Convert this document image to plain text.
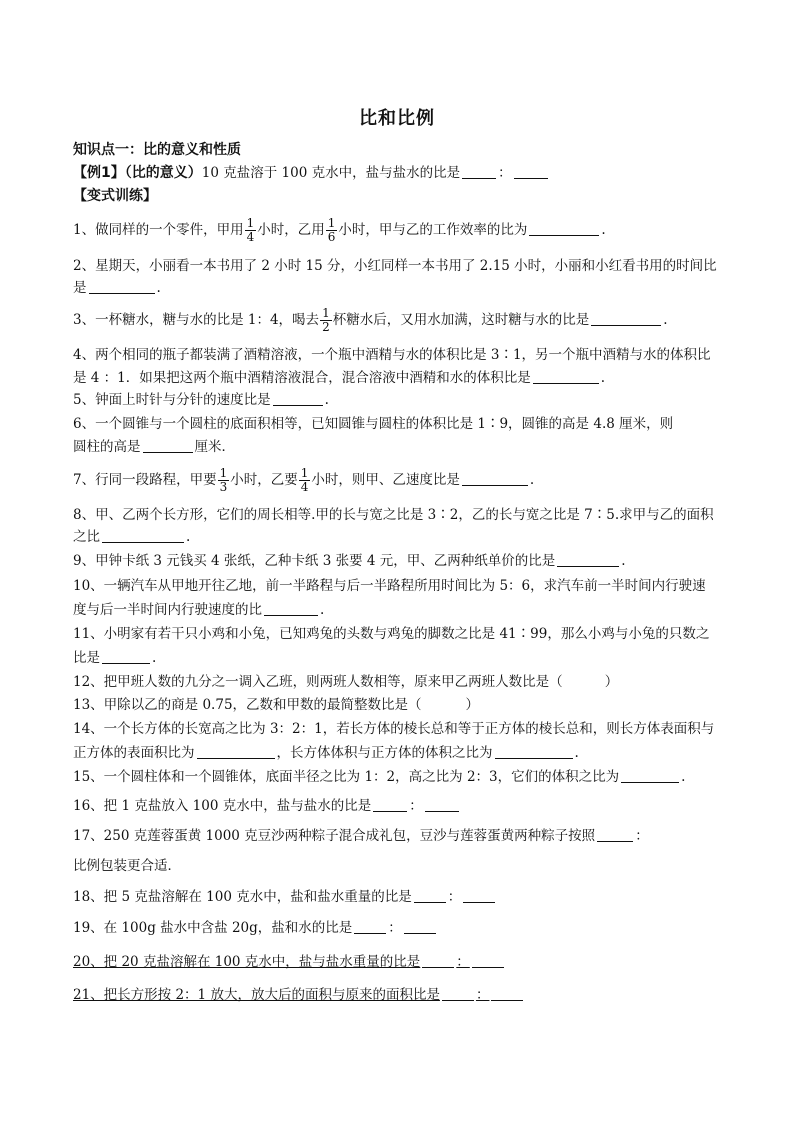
比和比例
知识点一：比的意义和性质
【例1】（比的意义）10 克盐溶于 100 克水中，盐与盐水的比是	：
【变式训练】
1、做同样的一个零件，甲用 $\frac{1}{4}$ 小时，乙用 $\frac{1}{6}$ 小时，甲与乙的工作效率的比为	.
2、星期天，小丽看一本书用了 2 小时 15 分，小红同样一本书用了 2.15 小时，小丽和小红看书用的时间比
是	.
3、一杯糖水，糖与水的比是 1：4，喝去 $\frac{1}{2}$ 杯糖水后，又用水加满，这时糖与水的比是	.
4、两个相同的瓶子都装满了酒精溶液，一个瓶中酒精与水的体积比是 3∶1，另一个瓶中酒精与水的体积比
是 4 ：1．如果把这两个瓶中酒精溶液混合，混合溶液中酒精和水的体积比是	.
5、钟面上时针与分针的速度比是	.
6、一个圆锥与一个圆柱的底面积相等，已知圆锥与圆柱的体积比是 1∶9，圆锥的高是 4.8 厘米，则
圆柱的高是	厘米．
7、行同一段路程，甲要 $\frac{1}{3}$ 小时，乙要 $\frac{1}{4}$ 小时，则甲、乙速度比是	.
8、甲、乙两个长方形，它们的周长相等.甲的长与宽之比是 3∶2，乙的长与宽之比是 7∶5.求甲与乙的面积
之比	.
9、甲钟卡纸 3 元钱买 4 张纸，乙种卡纸 3 张要 4 元，甲、乙两种纸单价的比是	.
10、一辆汽车从甲地开往乙地，前一半路程与后一半路程所用时间比为 5：6，求汽车前一半时间内行驶速
度与后一半时间内行驶速度的比	.
11、小明家有若干只小鸡和小兔，已知鸡兔的头数与鸡兔的脚数之比是 41∶99，那么小鸡与小兔的只数之
比是	.
12、把甲班人数的九分之一调入乙班，则两班人数相等，原来甲乙两班人数比是（	）
13、甲除以乙的商是 0.75，乙数和甲数的最简整数比是（	）
14、一个长方体的长宽高之比为 3：2：1，若长方体的棱长总和等于正方体的棱长总和，则长方体表面积与
正方体的表面积比为	，长方体体积与正方体的体积之比为	.
15、一个圆柱体和一个圆锥体，底面半径之比为 1：2，高之比为 2：3，它们的体积之比为	.
16、把 1 克盐放入 100 克水中，盐与盐水的比是	：
17、250 克莲蓉蛋黄 1000 克豆沙两种粽子混合成礼包，豆沙与莲蓉蛋黄两种粽子按照	：
比例包装更合适．
18、把 5 克盐溶解在 100 克水中，盐和盐水重量的比是	：
19、在 100g 盐水中含盐 20g，盐和水的比是	：
20、把 20 克盐溶解在 100 克水中，盐与盐水重量的比是	：
21、把长方形按 2：1 放大，放大后的面积与原来的面积比是	：
